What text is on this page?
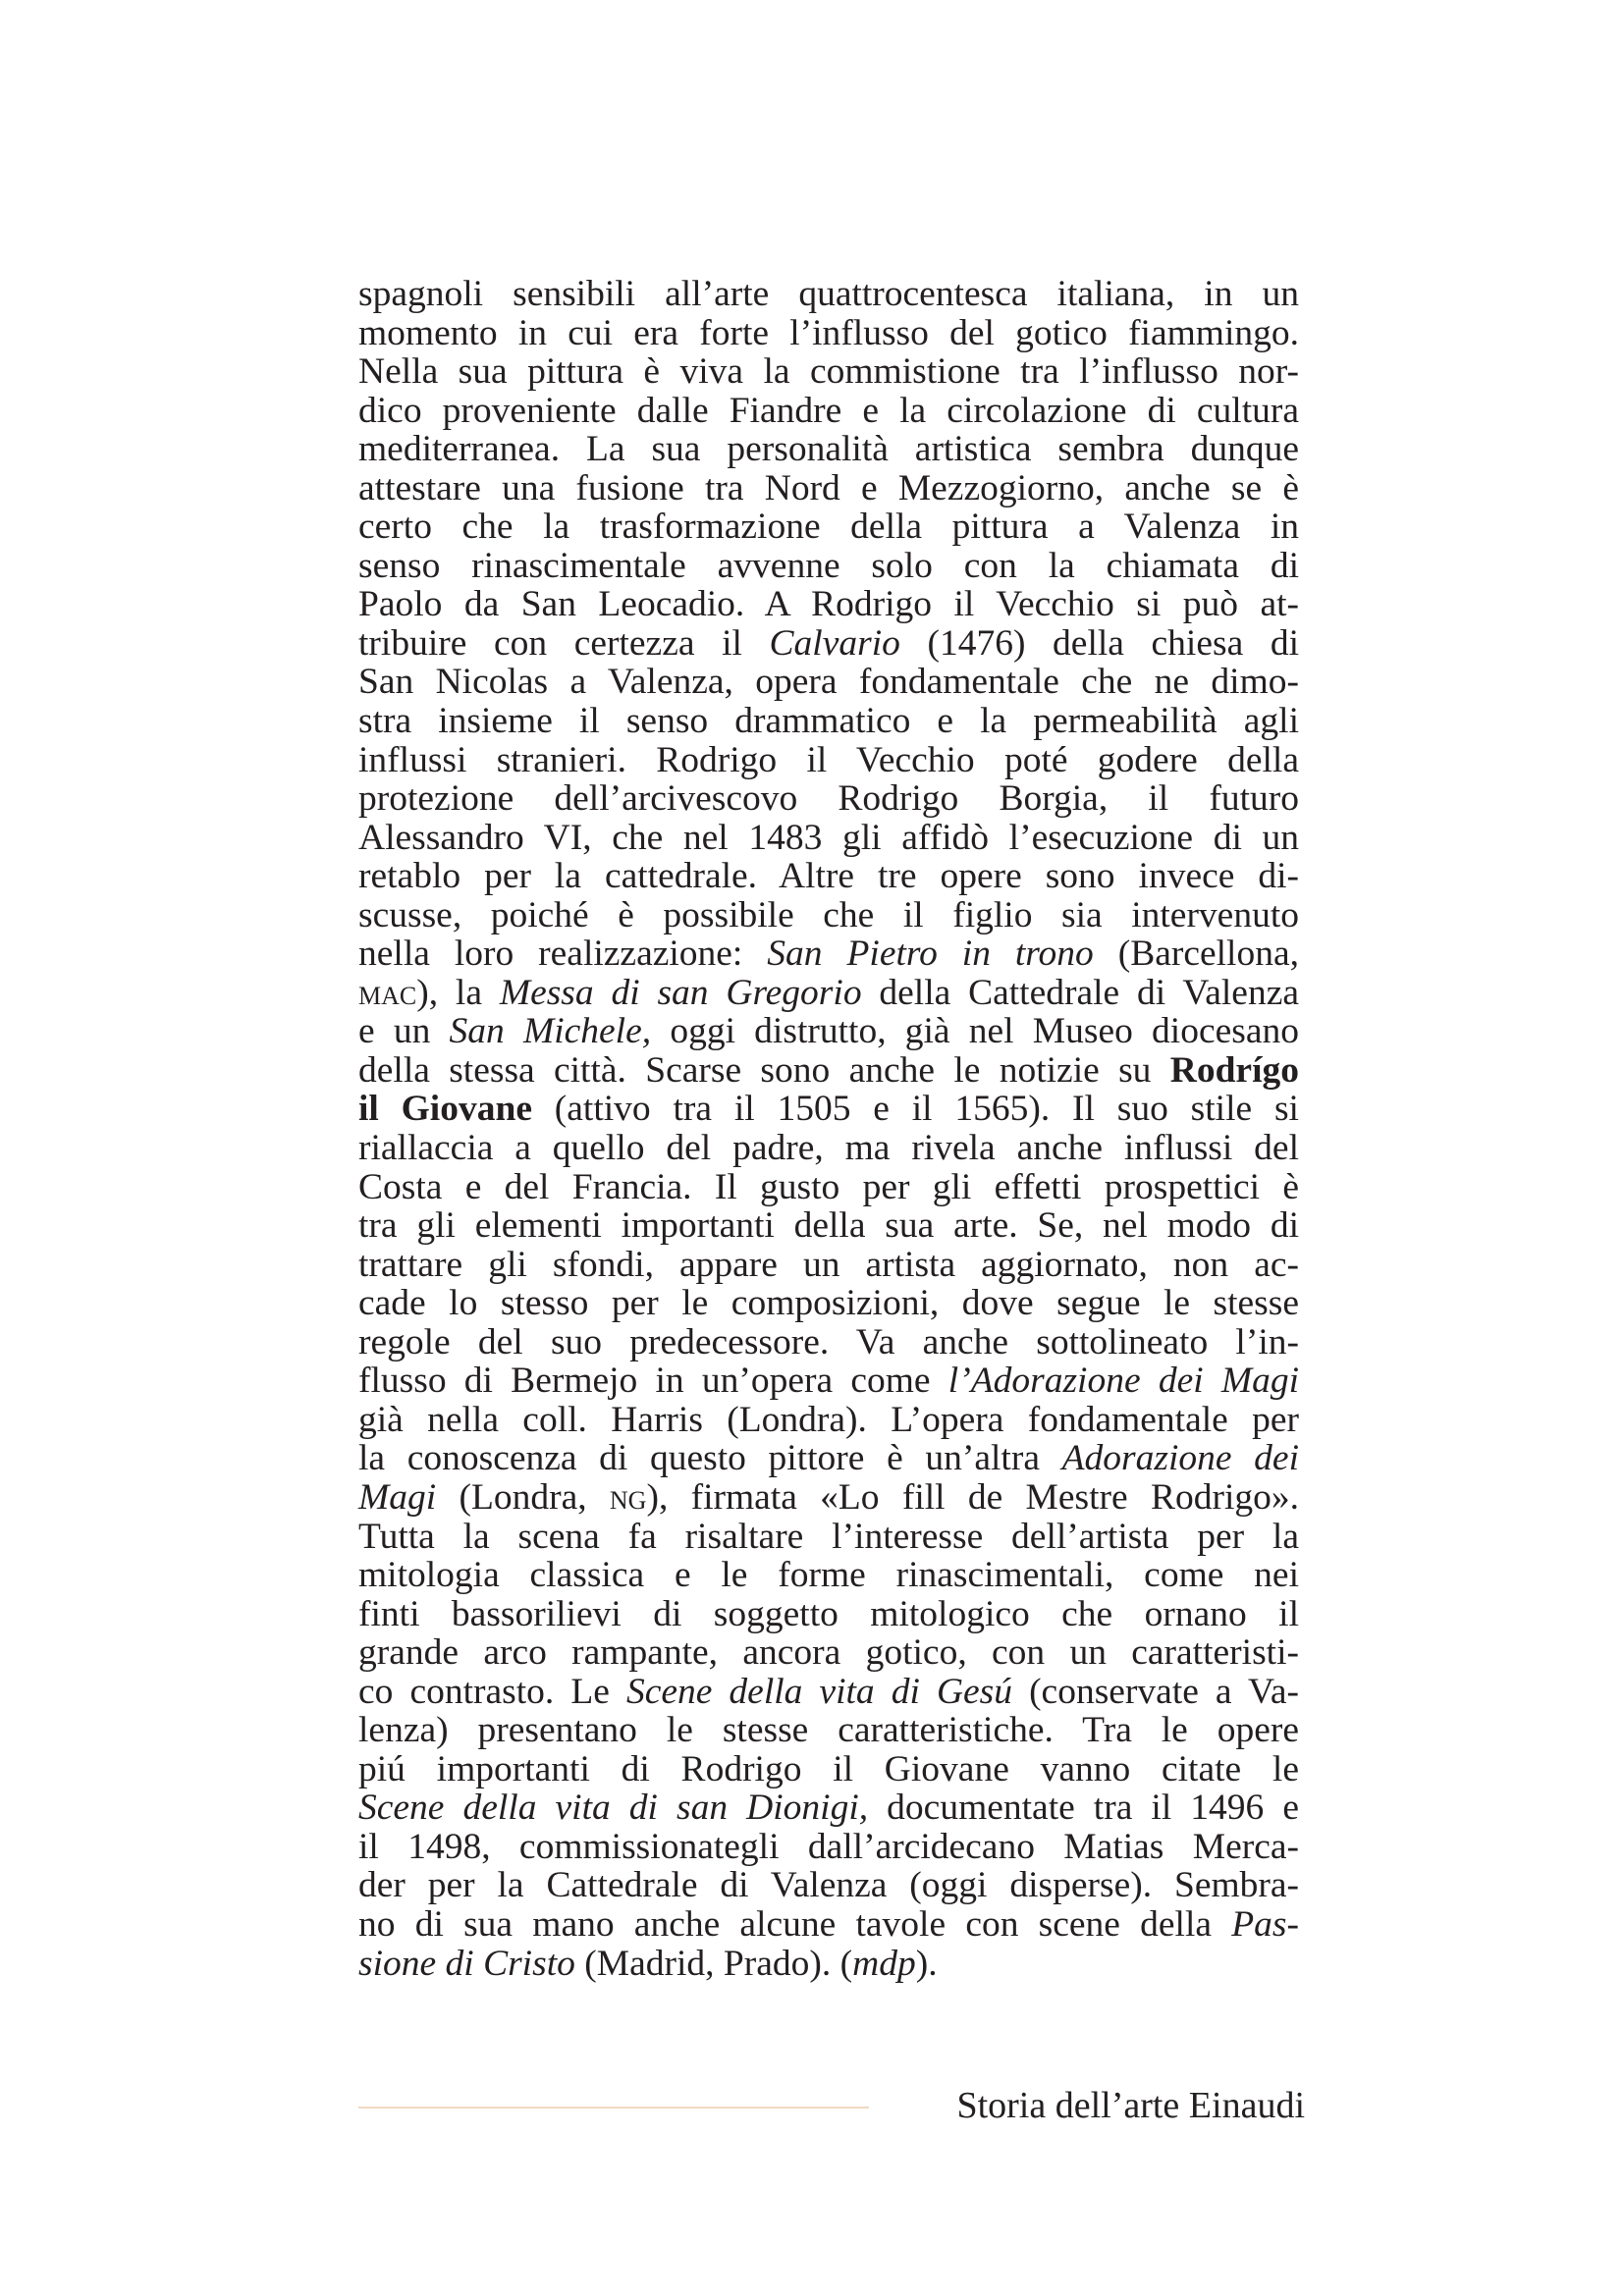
spagnoli sensibili all’arte quattrocentesca italiana, in un
momento in cui era forte l’influsso del gotico fiammingo.
Nella sua pittura è viva la commistione tra l’influsso nor-
dico proveniente dalle Fiandre e la circolazione di cultura
mediterranea. La sua personalità artistica sembra dunque
attestare una fusione tra Nord e Mezzogiorno, anche se è
certo che la trasformazione della pittura a Valenza in
senso rinascimentale avvenne solo con la chiamata di
Paolo da San Leocadio. A Rodrigo il Vecchio si può at-
tribuire con certezza il Calvario (1476) della chiesa di
San Nicolas a Valenza, opera fondamentale che ne dimo-
stra insieme il senso drammatico e la permeabilità agli
influssi stranieri. Rodrigo il Vecchio poté godere della
protezione dell’arcivescovo Rodrigo Borgia, il futuro
Alessandro VI, che nel 1483 gli affidò l’esecuzione di un
retablo per la cattedrale. Altre tre opere sono invece di-
scusse, poiché è possibile che il figlio sia intervenuto
nella loro realizzazione: San Pietro in trono (Barcellona,
mac), la Messa di san Gregorio della Cattedrale di Valenza
e un San Michele, oggi distrutto, già nel Museo diocesano
della stessa città. Scarse sono anche le notizie su Rodrígo
il Giovane (attivo tra il 1505 e il 1565). Il suo stile si
riallaccia a quello del padre, ma rivela anche influssi del
Costa e del Francia. Il gusto per gli effetti prospettici è
tra gli elementi importanti della sua arte. Se, nel modo di
trattare gli sfondi, appare un artista aggiornato, non ac-
cade lo stesso per le composizioni, dove segue le stesse
regole del suo predecessore. Va anche sottolineato l’in-
flusso di Bermejo in un’opera come l’Adorazione dei Magi
già nella coll. Harris (Londra). L’opera fondamentale per
la conoscenza di questo pittore è un’altra Adorazione dei
Magi (Londra, ng), firmata «Lo fill de Mestre Rodrigo».
Tutta la scena fa risaltare l’interesse dell’artista per la
mitologia classica e le forme rinascimentali, come nei
finti bassorilievi di soggetto mitologico che ornano il
grande arco rampante, ancora gotico, con un caratteristi-
co contrasto. Le Scene della vita di Gesú (conservate a Va-
lenza) presentano le stesse caratteristiche. Tra le opere
piú importanti di Rodrigo il Giovane vanno citate le
Scene della vita di san Dionigi, documentate tra il 1496 e
il 1498, commissionategli dall’arcidecano Matias Merca-
der per la Cattedrale di Valenza (oggi disperse). Sembra-
no di sua mano anche alcune tavole con scene della Pas-
sione di Cristo (Madrid, Prado). (mdp).
Storia dell’arte Einaudi
